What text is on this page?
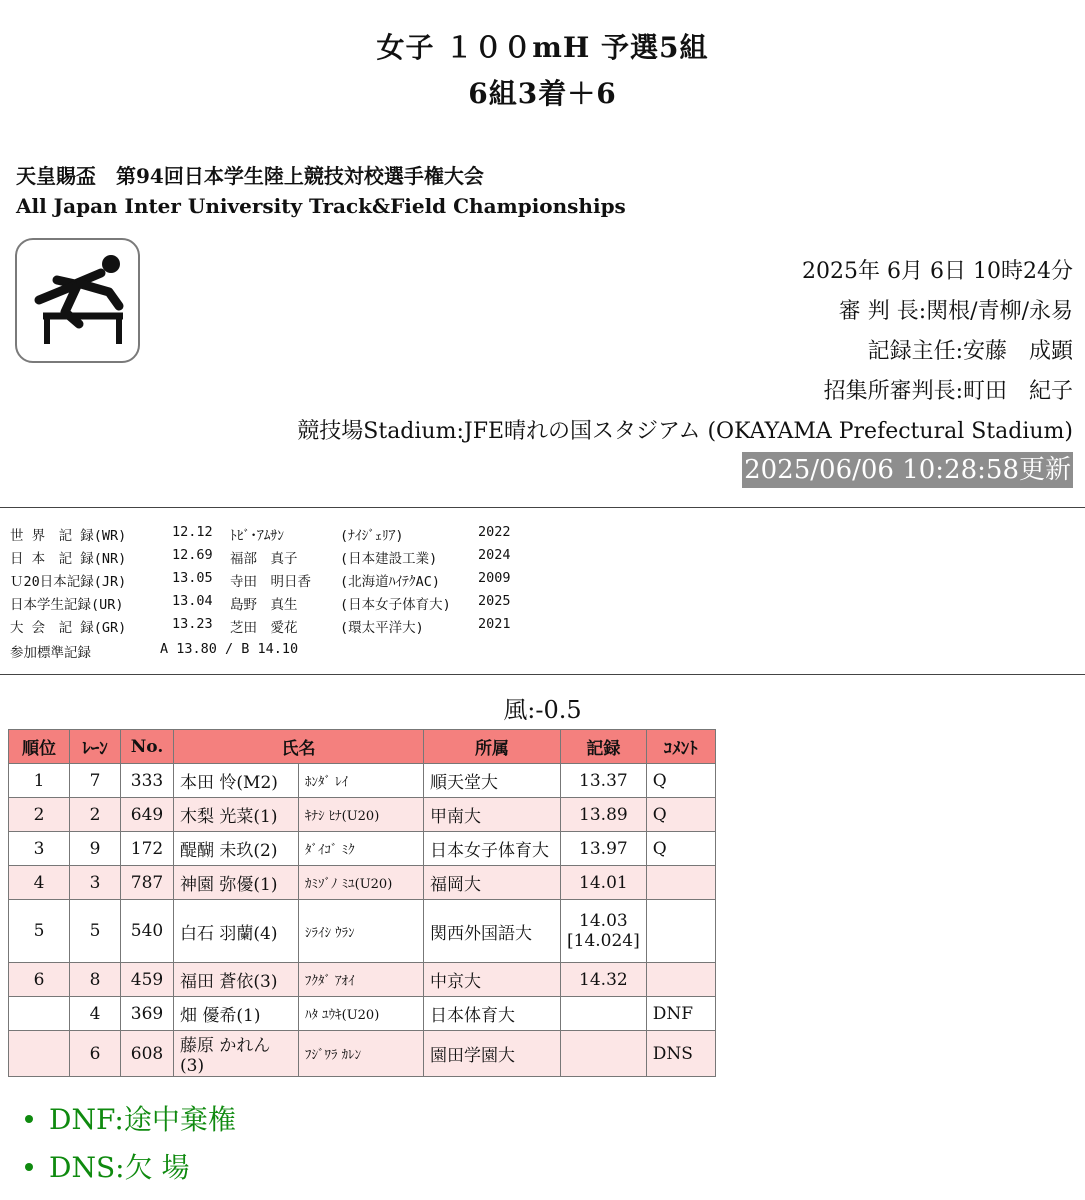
女子 １００mH 予選5組
6組3着＋6
天皇賜盃　第94回日本学生陸上競技対校選手権大会
All Japan Inter University Track&Field Championships
2025年 6月 6日 10時24分
審 判 長:関根/青柳/永易
記録主任:安藤　成顕
招集所審判長:町田　紀子
競技場Stadium:JFE晴れの国スタジアム (OKAYAMA Prefectural Stadium)
2025/06/06 10:28:58更新
世 界　記 録(WR)	12.12 ﾄﾋﾞ･ｱﾑｻﾝ	(ﾅｲｼﾞｪﾘｱ)	2022
日 本　記 録(NR)	12.69 福部　真子	(日本建設工業)	2024
Ｕ20日本記録(JR)	13.05 寺田　明日香 (北海道ﾊｲﾃｸAC)	2009
日本学生記録(UR)	13.04 島野　真生	(日本女子体育大) 2025
大 会　記 録(GR)	13.23 芝田　愛花	(環太平洋大)	2021
参加標準記録	A 13.80 / B 14.10
風:-0.5
順位	ﾚｰﾝ	No.	氏名		所属	記録	ｺﾒﾝﾄ
1	7	333	本田 怜(M2)	ﾎﾝﾀﾞ ﾚｲ	順天堂大	13.37	Q
2	2	649	木梨 光菜(1)	ｷﾅｼ ﾋﾅ(U20)	甲南大	13.89	Q
3	9	172	醍醐 未玖(2)	ﾀﾞｲｺﾞ ﾐｸ	日本女子体育大	13.97	Q
4	3	787	神園 弥優(1)	ｶﾐｿﾞﾉ ﾐﾕ(U20)	福岡大	14.01	
5	5	540	白石 羽蘭(4)	ｼﾗｲｼ ｳﾗﾝ	関西外国語大	14.03
[14.024]	

6	8	459	福田 蒼依(3)	ﾌｸﾀﾞ ｱｵｲ	中京大	14.32	
	4	369	畑 優希(1)	ﾊﾀ ﾕｳｷ(U20)	日本体育大		DNF
	6	608	藤原 かれん(3)	ﾌｼﾞﾜﾗ ｶﾚﾝ	園田学園大		DNS
DNF:途中棄権
DNS:欠 場
